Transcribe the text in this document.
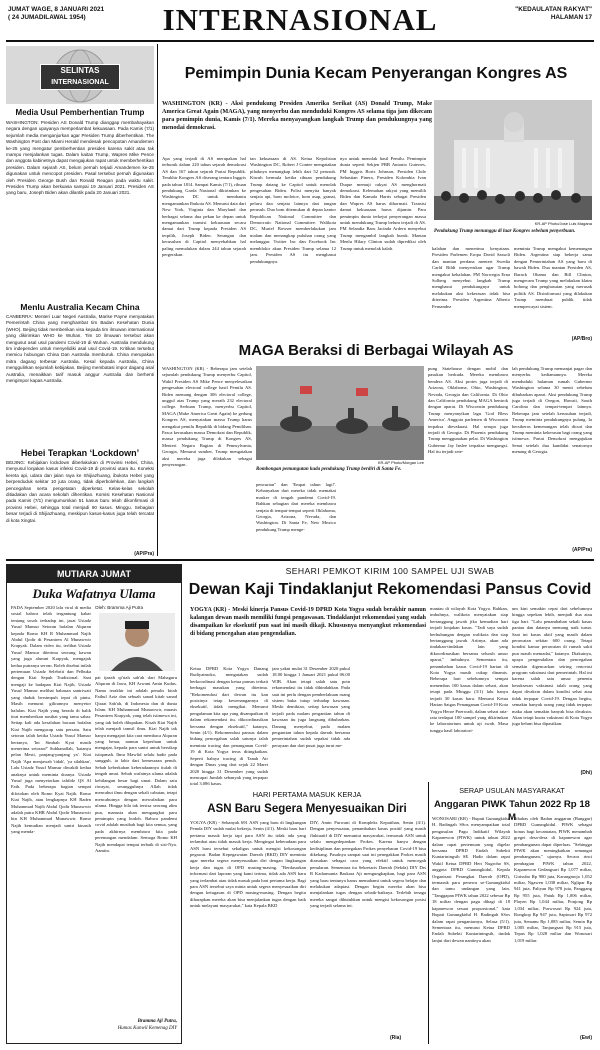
JUMAT WAGE, 8 JANUARI 2021
( 24 JUMADILAWAL 1954)	INTERNASIONAL	"KEDAULATAN RAKYAT"
HALAMAN 17
SELINTAS
INTERNASIONAL
Media Usul Pemberhentian Trump
WASHINGTON: Presiden AS Donald Trump dianggap membahayakan negara dengan upayanya memperlambat kekuasaan. Pada Kamis (7/1) sejumlah media menganjurkan agar Presiden Trump diberhentikan. The Washington Post dan Miami Herald mendesak pencopotan Amandemen ke-25 yang mengatur pemberhentian presiden karena sakit atau tak mampu menjalankan tugas. Dalam kaitan Trump, Wapres Mike Pence dan anggota kabinetnya dapat mengajukan rapat untuk memberhentikan presiden. Dalam sejarah AS, belum pernah terjadi Amandemen ke-25 digunakan untuk mencopot presiden. Pasal tersebut pernah digunakan oleh Presiden George Bush dan Ronald Reagan pada waktu sakit. Presiden Trump akan berkuasa sampai 19 Januari 2021. Presiden AS yang baru, Joseph Biden akan dilantik pada 20 Januari 2021.
Menlu Australia Kecam China
CANBERRA: Menteri Luar Negeri Australia, Marise Payne menyatakan Pemerintah China yang menghambat tim Badan Kesehatan Dunia (WHO). Beijing tidak memberikan visa kepada tim ilmuwan internasional yang dikirimkan WHO ke Wuhan. Tim 10 ilmuwan tersebut akan mengusut asal usul pandemi Covid-19 di Wuhan. Australia mendukung tim independen untuk menyelidiki asal usul Covid-19. Kritikan tersebut memicu hubungan China Dan Australia memburuk. China merupakan mitra dagang terbesar Australia. Kesal kepada Australia, China menggulirkan sejumlah kebijakan. Beijing membatasi impor dagang asal Australia, menaikkan tarif masuk anggur Australia dan berhenti mengimpor kapas Australia.
Hebei Terapkan ‘Lockdown’
BEIJING: Kebijakan lockdown diberlakukan di Provinsi Hebei, China, menyusul lonjakan kasus infeksi Covid-19 di provinsi utara itu. Koneksi kereta api, udara dan jalan raya ke Shijiazhuang, ibukota Hebei yang berpenduduk sekitar 10 juta orang, tidak diperbolehkan, dan langkah pencegahan serta pengetatan diperketat. Kelas-kelas sekolah ditiadakan dan acara sekolah dihentikan. Komisi Kesehatan Nasional pada Kamis (7/1) mengumumkan 51 kasus baru telah dikonfirmasi di provinsi Hebei, sehingga total menjadi 90 kasus. Minggu. Sebagian besar terjadi di Shijiazhuang, meskipun kasus-kasus juga telah tercatat di kota Xingtai.
(AP/Pra)
Pemimpin Dunia Kecam Penyerangan Kongres AS
WASHINGTON (KR) - Aksi pendukung Presiden Amerika Serikat (AS) Donald Trump, Make America Great Again (MAGA), yang menyerbu dan menduduki Kongres AS selama tiga jam dikecam para pemimpin dunia, Kamis (7/1). Mereka menyayangkan langkah Trump dan pendukungnya yang menodai demokrasi.
Apa yang terjadi di AS merupakan hal terburuk dalam 220 tahun sejarah demokrasi AS dan 167 tahun sejarah Partai Republik. Terakhir Kongres AS diserang tentara Inggris pada tahun 1814. Sampai Kamis (7/1), ribuan pendukung Garda Nasional dikirimkan ke Washington DC untuk membantu mengamankan Ibukota AS. Menurut data dari New York, Virginia dan Maryland dan berbagai selama dua pekan ke depan untuk mengamankan transisi kekuasaan secara damai dari Trump kepada Presiden AS terpilih, Joseph Biden. Serangan dan kerusuhan di Capitol menyebabkan hal paling memalukan dalam 244 tahun sejarah pergerakan.
tan kekuasaan di AS. Ketua Kepolisian Washington DC, Robert J Contee mengatakan pihaknya menangkap lebih dari 52 perusuh. Kisruh bermula ketika ribuan pendukung Trump datang ke Capitol untuk menolak pengesahan Biden. Polisi menyita banyak senjata api, bom molotov, bom asap, granat, peluru dan senjata lainnya dari tangan perusuh. Dua bom ditemukan di depan kantor Republican National Committee dan Democratic National Committee. Walikota DC, Muriel Bowser memberlakukan jam malam dan menangkap puluhan orang yang melanggar. Twitter Inc dan Facebook Inc memblokir akun Presiden Trump selama 12 jam. Presiden AS itu menghasut pendukungnya.
nya untuk menolak hasil Pemilu. Pemimpin dunia seperti Sekjen PBB Antonio Guterres, PM Inggris Boris Johnson, Presiden Chile Sebastian Pinera, Presiden Kolombia Ivan Duque memuji rakyat AS menghormati demokrasi. Kelemahan rakyat yang memilih Biden dan Kamala Harris sebagai Presiden dan Wapres AS harus dihormati. Transisi damai kekuasaan harus dijamin. Para pemimpin dunia terkejut penyerangan massa untuk mendukung Trump belum terjadi di AS. PM Selandia Baru Jacinda Ardern menyebut Trump mengambil langkah buruk. Mantan Menlu Hilary Clinton sudah diprediksi oleh Trump untuk menolak kalah.
KR-AP Photo/Jose Luis Magana
Pendukung Trump menunggu di luar Kongres sebelum penyerbuan.
kalahan dan menerima kenyataan. Presiden Parlemen Eropa David Sassoli dan mantan perdana menteri Swedia Carld Bildt menyerukan agar Trump mengakui kekalahan. PM Norwegia Erna Solberg menyebut langkah Trump menghasut pendukungnya untuk melakukan aksi kekerasan tidak bisa diterima. Presiden Argentina Alberto Fernandez
meminta Trump mengakui kemenangan Biden. Argentina siap bekerja sama dengan Pemerintahan AS yang baru di bawah Biden. Dua mantan Presiden AS, Barack Obama dan Bill Clinton, mengecam Trump yang melakukan klaim bohong dan penghasutan yang merusak politik AS. Disinformasi yang dilakukan Trump membuat publik tidak mempercayai sistem.
(AP/Bro)
MAGA Beraksi di Berbagai Wilayah AS
WASHINGTON (KR) - Beberapa jam setelah sejumlah pendukung Trump menyerbu Capitol, Wakil Presiden AS Mike Pence menyelesaikan pengesahan electoral college hasil Pemilu AS. Biden memang dengan 306 electoral college, unggul atas Trump yang meraih 232 electoral college. Serbuan Trump, menyerbu Capitol, MAGA (Make America Great Again) ke gedung Kongres AS, menyatakan massa Trump harus mengakui pemilu Republik di bidang Pemilihan. Pasca kerusuhan massa Demokrat dan Republik, massa pendukung Trump di Kongres AS, Menteri Negara Bagian di Pennsylvania, Georgia, Menurut sumber, Trump mengatakan aksi mereka juga dilakukan sebagai penyerangan.	KR-AP Photo/Morgan Lee
Rombongan pemungutan kuda pendukung Trump berdiri di Santa Fe.
pencurian" dan 'Empat tahun lagi!'. Kebanyakan dari mereka tidak memakai masker di tengah pandemi Covid-19. Bahkan sebagian dari mereka membawa senjata di tempat-tempat seperti Oklahoma, Georgia, Arizona, Nevada, dan Washington. Di Santa Fe, New Mexico pendukung Trump menge-
pung Statehouse dengan mobil dan pasukan berkuda. Mereka membawa bendera AS. Aksi protes juga terjadi di Arizona, Oklahoma, Ohio, Washington, Nevada, Georgia dan California. Di Ohio dan California pendukung MAGA bentrok dengan aparat. Di Wisconsin pendukung Trump menyanyikan lagu 'God Bless America'. Anggota parlemen di Wisconsin terpaksa dievakuasi. Hal serupa juga terjadi di Georgia. Di Phoenix pendukung Trump menggunakan pelat. Di Washington Gubernur Jay Inslee terpaksa mengungsi. Hal itu terjadi sete-
lah pendukung Trump memanjat pagar dan menyerbu kediamannya. Mereka menduduki halaman rumah Gubernur Washington selama 30 menit sebelum dibubarkan aparat. Aksi pendukung Trump juga terjadi di Oregon, Hawaii, South Carolina dan tempat-tempat lainnya. Beberapa jam setelah kerusuhan terjadi, Trump meminta pendukungnya pulang. Ia bersikeras kemenangan telah dicuri dan Trump meminta kekerasan bagi orang yang istimewa. Partai Demokrat mengajukan Senat setelah dua kandidat senatornya menang di Georgia.
(AP/Pra)
MUTIARA JUMAT
Duka Wafatnya Ulama
PADA September 2020 lalu viral di media sosial bahwa telah tergantung kabar tentang sosok terhadap ini, jasat Ustadz Yusuf Mansur Setoran hafalan Alquran kepada Romo KH R Muhammad Najib Abdul Qodir di Pesantren Al Munawwir Krapyak. Dalam video itu, terlihat Ustadz Yusuf Mansur diterima seorang kawan yang juga alumni Krapyak, mengajak kedua putranya serom. Boleh disebut inilah pertemuan Ustadz Selebriti dan Pelbuka dengan Kiai Sepuh Tradisional. Saat mengaji ke hadapan Kiai Najib, Ustadz Yusuf Mansur melihat bahasan santriwati yang duduk bersimpuh tepat di pintu. Masih menurut gilirannya menyetor hafalan. Kiai Najib yang berada di balik tirai memberikan nasihat yang tama sabar. Setiap kali ada kesalahan bacaan hafalan Kiai Najib mengucap satu persatu. Satu setoran ialah ketika Ustadz Yusuf Mansur bertanya, 'Ini Simbah Kyai masih menerima setoran?' Subhanallah, 'katanya pelan Mesti, panjang-panjang ya'. Kiai Najib 'Apa menjawab 'tidak', 'ya silahkan', Lalu Ustadz Yusuf Mansur diwakili kedua anaknya untuk meminta doanya. Ustadz Yusuf juga menyetorkan tahfidz QS Al Fath. Pada beberapa bagian sempat difotokan oleh Romo Kyai Najib. Romo Kiai Najib, atau lengkapnya KH Raden Muhammad Najib Abdul Qodir Munawwir adalah putra KHR Abdul Qodir Munawwir bin KH Muhammad Munawwir. Romo Najib kemudian menjadi santri kinasih yang menda-
Oleh: Bramma Aji Putra
pat ijazah qi'riah sab'ah dari Mahaguru Alquran di Jawa, KH Arwani Amin Kudus. Nama terakhir ini adalah penulis kitab Fathul Aziz dan sebuah sanad kitab sanad Qiraat Sab'ah, di Indonesia dan di dunia Islam. KH Muhammad Munawwir, muasis Pesantren Krapyak, yang telah istimewa ini, yang tak boleh dilupakan. Kisah Kiai Najib telah menjadi tamsil ilmu. Kiai Najib tak hanya mengajari kita cara membaca Alquran yang benar, namun keperluan untuk mengajar, kepada para santri untuk bersikap istiqamah. Ilmu Mawlid selalu hadir pada sungguh, ia lahir dari kemesraan penuh. Sebab keberkahan keberadaannya itulah di tengah umat. Sebab wafatnya ulama adalah kehilangan besar bagi umat. Dalam satu riwayat, sesungguhnya Allah tidak mencabut ilmu dengan sekali cabutan, tetapi mencabutnya dengan mewafatkan para ulama. Hingga bila tak tersisa seorang alim pun, manusia akan mengangkat para pemimpin yang bodoh. Bahwa pandemi covid adalah musibah bagi kita semua, yang pada akhirnya membawa kita pada perenungan mendalam. Semoga Romo KH Najib mendapat tempat terbaik di sisi-Nya. Aamiin.
Bramma Aji Putra,
Humas Kanwil Kemenag DIY
SEHARI PEMKOT KIRIM 100 SAMPEL UJI SWAB
Dewan Kaji Tindaklanjut Rekomendasi Pansus Covid
YOGYA (KR) - Meski kinerja Pansus Covid-19 DPRD Kota Yogya sudah berakhir namun kalangan dewan masih memiliki fungsi pengawasan. Tindaklanjut rekomendasi yang sudah disampaikan ke eksekutif pun saat ini masih dikaji. Khususnya menyangkut rekomendasi di bidang pencegahan atau pengendalian.
Ketua DPRD Kota Yogya Danang Rudiyatmoko, mengatakan sudah berkoordinasi dengan ketua pansus terkait berbagai masukan yang diterima. "Rekomendasi dari dewan itu kan posisinya tetap kewenangannya di eksekutif, tidak mengikat. Menurut pengalaman kita apa yang disampaikan di dalam rekomendasi itu, dikoordinasikan bersama dengan eksekutif," katanya, Senin (4/1). Rekomendasi pansus dalam bidang pencegahan salah satunya ialah meminta tracing dan penanganan Covid-19 di Kota Yogya terus ditingkatkan. Seperti halnya tracing di Tanah Air dengan Dinas yang dari sejak 22 Maret 2020 hingga 31 Desember yang sudah mencapai Jumlah sebanyak yang terpapar total 3.086 kasus.
jam yakni mulai 31 Desember 2020 pukul 18.00 hingga 1 Januari 2021 pukul 06.00 WIB. Akan tetapi salah satu poin rekomendasi itu tidak dihindahkan. Pada saat ini perlu dengan pemberlakuan ruang sistem buka tutup terhadap kawasan. Meski demikian, setiap kawasan yang terjadi pada malam pergantian tahun di kawasan itu juga langsung dibubarkan. Danang menyebut, pada malam pergantian tahun kepala daerah bersama pemerintahan sudah sepakat tidak ada perayaan dan dari pusat juga turut me-
mantau di wilayah Kota Yogya. Bahkan, imbuhnya, walikota menyatakan siap bertanggung jawab jika kemudian hari terjadi lonjakan kasus. "Tadi saya sudah berhubungan dengan walikota dan siap bertanggung jawab. Artinya, akan ada tindakan-tindakan lain yang dikoordinasikan bersama seluruh unsur aparat," imbuhnya. Sementara itu, penambahan kasus Covid-19 harian di Kota Yogya masih cukup dinamis. Beberapa hari sebelumnya sempat menembus 100 kasus dalam sehari, akan tetapi pada Minggu (3/1) lalu hanya terjadi 30 kasus baru. Menurut Ketua Harian Satgas Penanganan Covid-19 Kota Yogya Heroe Poerwadi, dalam sehari rata-rata terdapat 100 sampel yang dikirimkan ke laboratorium untuk uji swab. Masa tunggu hasil laboratori-
um kini semakin cepat dari sebelumnya hingga sepekan lebih, menjadi dua atau tiga hari. "Lalu penambahan sekali kasus pantau dan datanya memang naik turun. Saat ini kasus aktif yang masih dalam perawatan sekitar 600 orang. Tetapi kondisi kamar perawatan di rumah sakit pun masih memadai," katanya. Diakuinya, upaya pengendalian dan pencegahan semakin digencarkan seiring renovasi program vaksinasi dari pemerintah. Hal ini karena salah satu unsur penentu kesuksesan vaksinasi ialah orang yang dapat divaksin dalam kondisi sehat atau tidak terpapar Covid-19. Dengan begitu, semakin banyak orang yang tidak terpapar maka akan semakin banyak bisa divaksin. Akan tetapi kuota vaksinasi di Kota Yogya juga belum bisa dipastikan.
(Dhi)
HARI PERTAMA MASUK KERJA
ASN Baru Segera Menyesuaikan Diri
YOGYA (KR) - Sebanyak 691 ASN yang baru di lingkungan Pemda DIY sudah mulai bekerja, Senin (4/1). Meski baru hari pertama masuk kerja tapi para ASN itu tidak ada yang terlambat atau tidak masuk kerja. Mengingat keberadaan para ASN baru tersebut sekaligus untuk mengisi kekosongan pegawai. Badan Kepegawaian Daerah (BKD) DIY meminta agar mereka segera menyesuaikan diri dengan lingkungan kerja dan tugas di OPD masing-masing. "Berdasarkan informasi dari laporan yang kami terima, tidak ada ASN baru yang terlambat atau tidak masuk pada hari pertama kerja. Bagi para ASN tersebut saya minta untuk segera menyesuaikan diri dengan ketugasan di OPD masing-masing. Dengan begitu diharapkan mereka akan bisa menjalankan tugas dengan baik untuk melayani masyarakat," kata Kepala BKD
DIY, Amin Purwani di Kompleks Kepatihan, Senin (4/1). Dengan penyesuaian, penambahan kasus positif yang masih fluktuatif di DIY menuntut masyarakat, termasuk ASN untuk selalu mengedepankan Prokes. Karena hanya dengan kedisiplinan dan penegakan Prokes penyebaran Covid-19 bisa dikekang. Pasalnya sampai saat ini penegakkan Prokes masih dirasakan sebagai cara yang efektif untuk mencegah penularan. Sementara itu Sekretaris Daerah (Sekda) DIY Drs R Kadarmanta Baskara Aji mengungkapkan, bagi para ASN yang baru tentunya harus memahami untuk segera belajar dan melakukan adaptasi. Dengan begitu mereka akan bisa menjalankan tugas dengan sebaik-baiknya. Terlebih tenaga mereka sangat dibutuhkan untuk mengisi kekosongan posisi yang terjadi selama ini.
(Ria)
SERAP USULAN MASYARAKAT
Anggaran PIWK Tahun 2022 Rp 18 M
WONOSARI (KR) - Bupati Gunungkidul H. Badingah SSos menyampaikan total pengusulan Pagu Indikatif Wilayah Kapanewon (PIWK) untuk tahun 2022 dalam rapat pertemuan yang digelar bersama DPRD Endah Subekti Kuntariningsih SE. Hadir dalam rapat Wakil Ketua DPRD Heri Nugroho SS, anggota DPRD Gunungkidul, Kepala Organisasi Perangkat Daerah (OPD), termasuk para penewu se-Gunungkidul dan tamu undangan yang lain. "Tanggapan PIWK tahun 2022 sebesar Rp 18 miliar dengan pagu dibagi di 18 kapanewon sesuai proporsional," kata Bupati Gunungkidul H. Badingah SSos dalam rapat pengantarnya, Selasa (5/1). Sementara itu, menurut Ketua DPRD Endah Subekti Kuntariningsih, tindak lanjut dari dewan nantinya akan
dibahas oleh Badan anggaran (Banggar) DPRD Gunungkidul. PIWK sebagai bonus bagi kecamatan, PIWK menambah greget desa-desa di kapanewon agar pembangunan dapat diperluas. "Sehingga PIWK akan meningkatkan semangat pembangunan," ujarnya. Secara rinci pembagian PIWK tahun 2022, Kapanewon Gedangsari Rp 1,077 miliar, Girisubo Rp 980 juta, Karangmojo 1,052 miliar, Ngawen 1,038 miliar, Nglipar Rp 941 juta, Paliyan Rp 978 juta, Panggang Rp 955 juta, Patuk Rp 1,006 miliar, Playen Rp 1,044 miliar, Ponjong Rp 1,034 miliar, Purwosari Rp 924 juta, Rongkop Rp 947 juta, Saptosari Rp 972 juta, Semanu Rp 1,085 miliar, Semin Rp 1,005 miliar, Tanjungsari Rp 915 juta, Tepus Rp 1,028 miliar dan Wonosari 1,019 miliar.
(Ewi)
